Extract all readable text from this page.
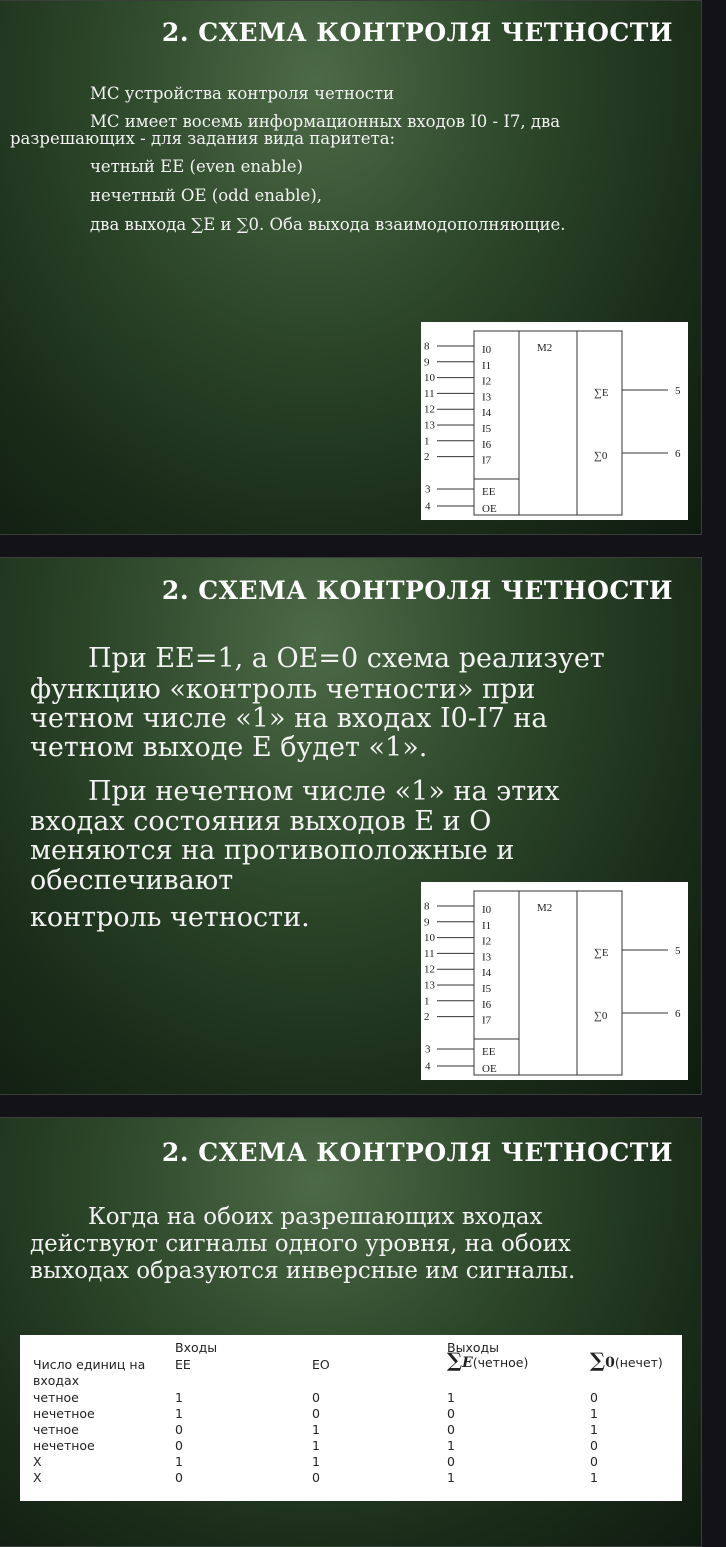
2. СХЕМА КОНТРОЛЯ ЧЕТНОСТИ
МС устройства контроля четности
МС имеет восемь информационных входов I0 - I7, два
разрешающих - для задания вида паритета:
четный ЕЕ (even enable)
нечетный ОЕ (odd enable),
два выхода ∑E и ∑0. Оба выхода взаимодополняющие.
M2
8	I0
9	I1
10	I2
11	I3
12	I4
13	I5
1	I6
2	I7
3	EE
4	OE
∑E	5
∑0	6
2. СХЕМА КОНТРОЛЯ ЧЕТНОСТИ
При ЕЕ=1, а ОЕ=0 схема реализует
функцию «контроль четности» при
четном числе «1» на входах I0-I7 на
четном выходе Е будет «1».
При нечетном числе «1» на этих
входах состояния выходов Е и О
меняются на противоположные и
обеспечивают
контроль четности.	M2
8	I0
9	I1
10	I2
11	I3
12	I4
13	I5
1	I6
2	I7
3	EE
4	OE
∑E	5
∑0	6
2. СХЕМА КОНТРОЛЯ ЧЕТНОСТИ
Когда на обоих разрешающих входах
действуют сигналы одного уровня, на обоих
выходах образуются инверсные им сигналы.
Входы	Выходы
Число единиц на
входах
EE	EO	∑E(четное)	∑0(нечет)
четное	1	0	1	0
нечетное	1	0	0	1
четное	0	1	0	1
нечетное	0	1	1	0
X	1	1	0	0
X	0	0	1	1
